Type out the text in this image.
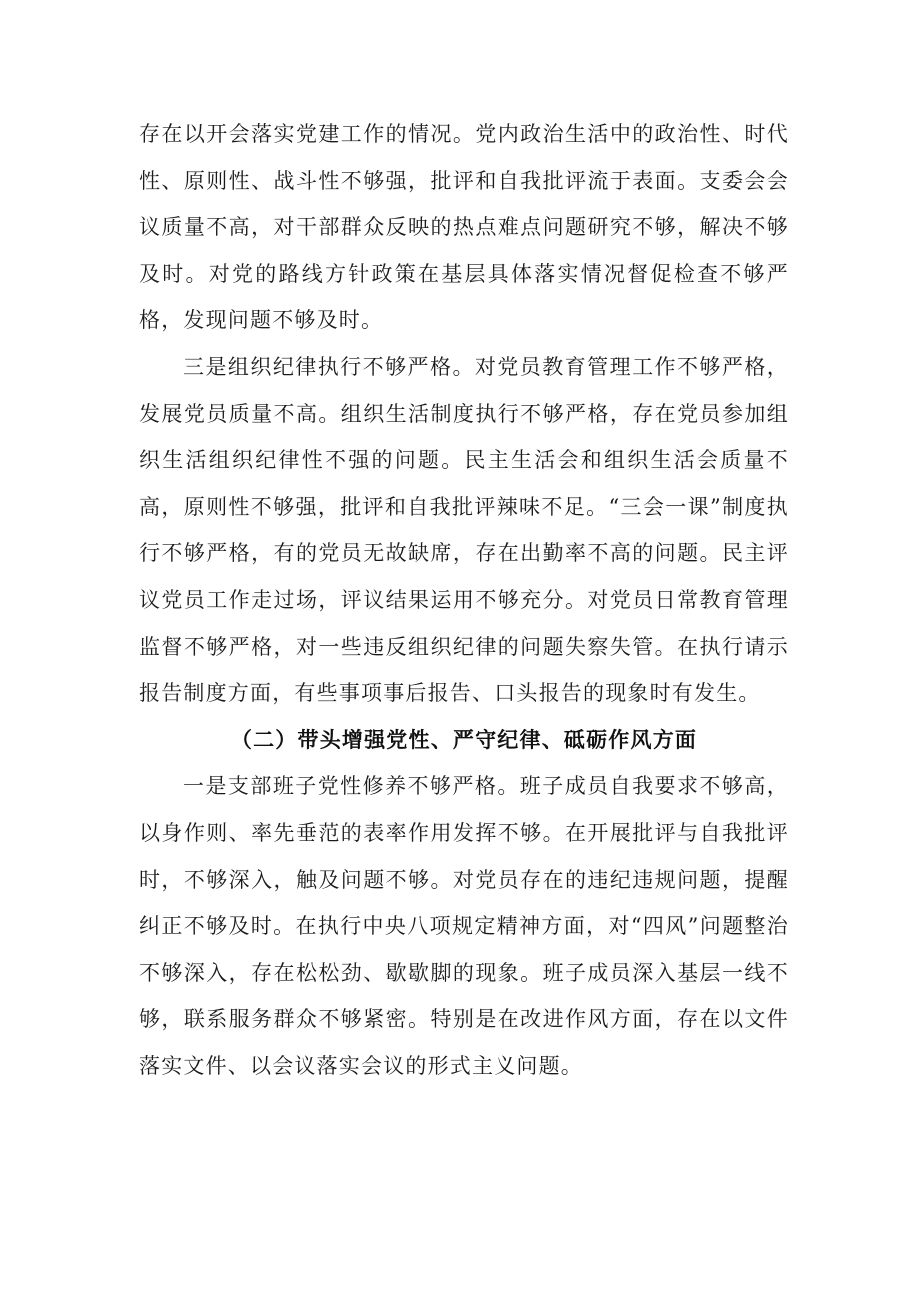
存在以开会落实党建工作的情况。党内政治生活中的政治性、时代性、原则性、战斗性不够强，批评和自我批评流于表面。支委会会议质量不高，对干部群众反映的热点难点问题研究不够，解决不够及时。对党的路线方针政策在基层具体落实情况督促检查不够严格，发现问题不够及时。

三是组织纪律执行不够严格。对党员教育管理工作不够严格，发展党员质量不高。组织生活制度执行不够严格，存在党员参加组织生活组织纪律性不强的问题。民主生活会和组织生活会质量不高，原则性不够强，批评和自我批评辣味不足。“三会一课”制度执行不够严格，有的党员无故缺席，存在出勤率不高的问题。民主评议党员工作走过场，评议结果运用不够充分。对党员日常教育管理监督不够严格，对一些违反组织纪律的问题失察失管。在执行请示报告制度方面，有些事项事后报告、口头报告的现象时有发生。

（二）带头增强党性、严守纪律、砥砺作风方面

一是支部班子党性修养不够严格。班子成员自我要求不够高，以身作则、率先垂范的表率作用发挥不够。在开展批评与自我批评时，不够深入，触及问题不够。对党员存在的违纪违规问题，提醒纠正不够及时。在执行中央八项规定精神方面，对“四风”问题整治不够深入，存在松松劲、歇歇脚的现象。班子成员深入基层一线不够，联系服务群众不够紧密。特别是在改进作风方面，存在以文件落实文件、以会议落实会议的形式主义问题。
